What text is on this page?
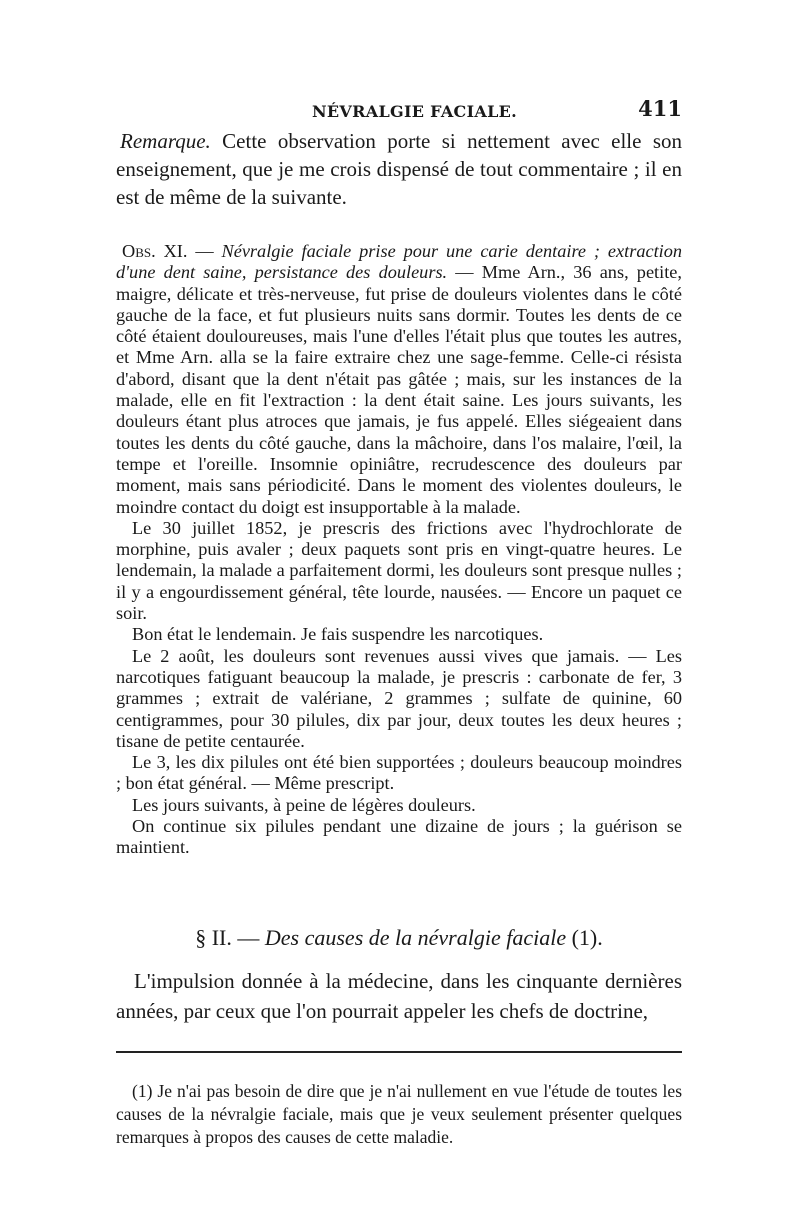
NÉVRALGIE FACIALE.	411

Remarque. Cette observation porte si nettement avec elle son enseignement, que je me crois dispensé de tout commentaire ; il en est de même de la suivante.

Obs. XI. — Névralgie faciale prise pour une carie dentaire ; extraction d'une dent saine, persistance des douleurs. — Mme Arn., 36 ans, petite, maigre, délicate et très-nerveuse, fut prise de douleurs violentes dans le côté gauche de la face, et fut plusieurs nuits sans dormir. Toutes les dents de ce côté étaient douloureuses, mais l'une d'elles l'était plus que toutes les autres, et Mme Arn. alla se la faire extraire chez une sage-femme. Celle-ci résista d'abord, disant que la dent n'était pas gâtée ; mais, sur les instances de la malade, elle en fit l'extraction : la dent était saine. Les jours suivants, les douleurs étant plus atroces que jamais, je fus appelé. Elles siégeaient dans toutes les dents du côté gauche, dans la mâchoire, dans l'os malaire, l'œil, la tempe et l'oreille. Insomnie opiniâtre, recrudescence des douleurs par moment, mais sans périodicité. Dans le moment des violentes douleurs, le moindre contact du doigt est insupportable à la malade.

Le 30 juillet 1852, je prescris des frictions avec l'hydrochlorate de morphine, puis avaler ; deux paquets sont pris en vingt-quatre heures. Le lendemain, la malade a parfaitement dormi, les douleurs sont presque nulles ; il y a engourdissement général, tête lourde, nausées. — Encore un paquet ce soir.

Bon état le lendemain. Je fais suspendre les narcotiques.

Le 2 août, les douleurs sont revenues aussi vives que jamais. — Les narcotiques fatiguant beaucoup la malade, je prescris : carbonate de fer, 3 grammes ; extrait de valériane, 2 grammes ; sulfate de quinine, 60 centigrammes, pour 30 pilules, dix par jour, deux toutes les deux heures ; tisane de petite centaurée.

Le 3, les dix pilules ont été bien supportées ; douleurs beaucoup moindres ; bon état général. — Même prescript.

Les jours suivants, à peine de légères douleurs.

On continue six pilules pendant une dizaine de jours ; la guérison se maintient.

§ II. — Des causes de la névralgie faciale (1).

L'impulsion donnée à la médecine, dans les cinquante dernières années, par ceux que l'on pourrait appeler les chefs de doctrine,

(1) Je n'ai pas besoin de dire que je n'ai nullement en vue l'étude de toutes les causes de la névralgie faciale, mais que je veux seulement présenter quelques remarques à propos des causes de cette maladie.
